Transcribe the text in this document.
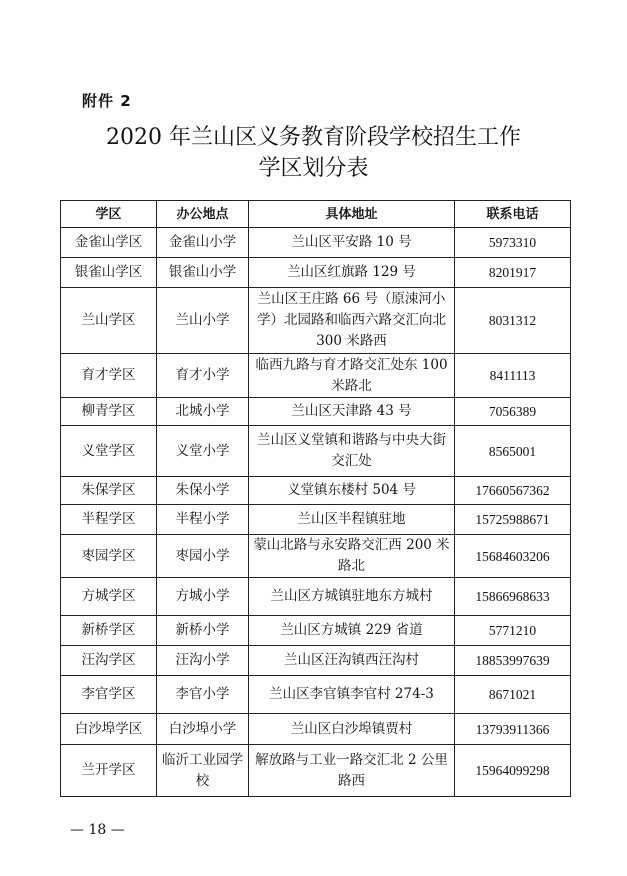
附件 2
2020 年兰山区义务教育阶段学校招生工作
学区划分表
学区	办公地点	具体地址	联系电话
金雀山学区	金雀山小学	兰山区平安路 10 号	5973310
银雀山学区	银雀山小学	兰山区红旗路 129 号	8201917
兰山学区	兰山小学	兰山区王庄路 66 号（原涑河小学）北园路和临西六路交汇向北 300 米路西	8031312
育才学区	育才小学	临西九路与育才路交汇处东 100 米路北	8411113
柳青学区	北城小学	兰山区天津路 43 号	7056389
义堂学区	义堂小学	兰山区义堂镇和谐路与中央大街交汇处	8565001
朱保学区	朱保小学	义堂镇东楼村 504 号	17660567362
半程学区	半程小学	兰山区半程镇驻地	15725988671
枣园学区	枣园小学	蒙山北路与永安路交汇西 200 米路北	15684603206
方城学区	方城小学	兰山区方城镇驻地东方城村	15866968633
新桥学区	新桥小学	兰山区方城镇 229 省道	5771210
汪沟学区	汪沟小学	兰山区汪沟镇西汪沟村	18853997639
李官学区	李官小学	兰山区李官镇李官村 274-3	8671021
白沙埠学区	白沙埠小学	兰山区白沙埠镇贾村	13793911366
兰开学区	临沂工业园学校	解放路与工业一路交汇北 2 公里路西	15964099298
— 18 —
